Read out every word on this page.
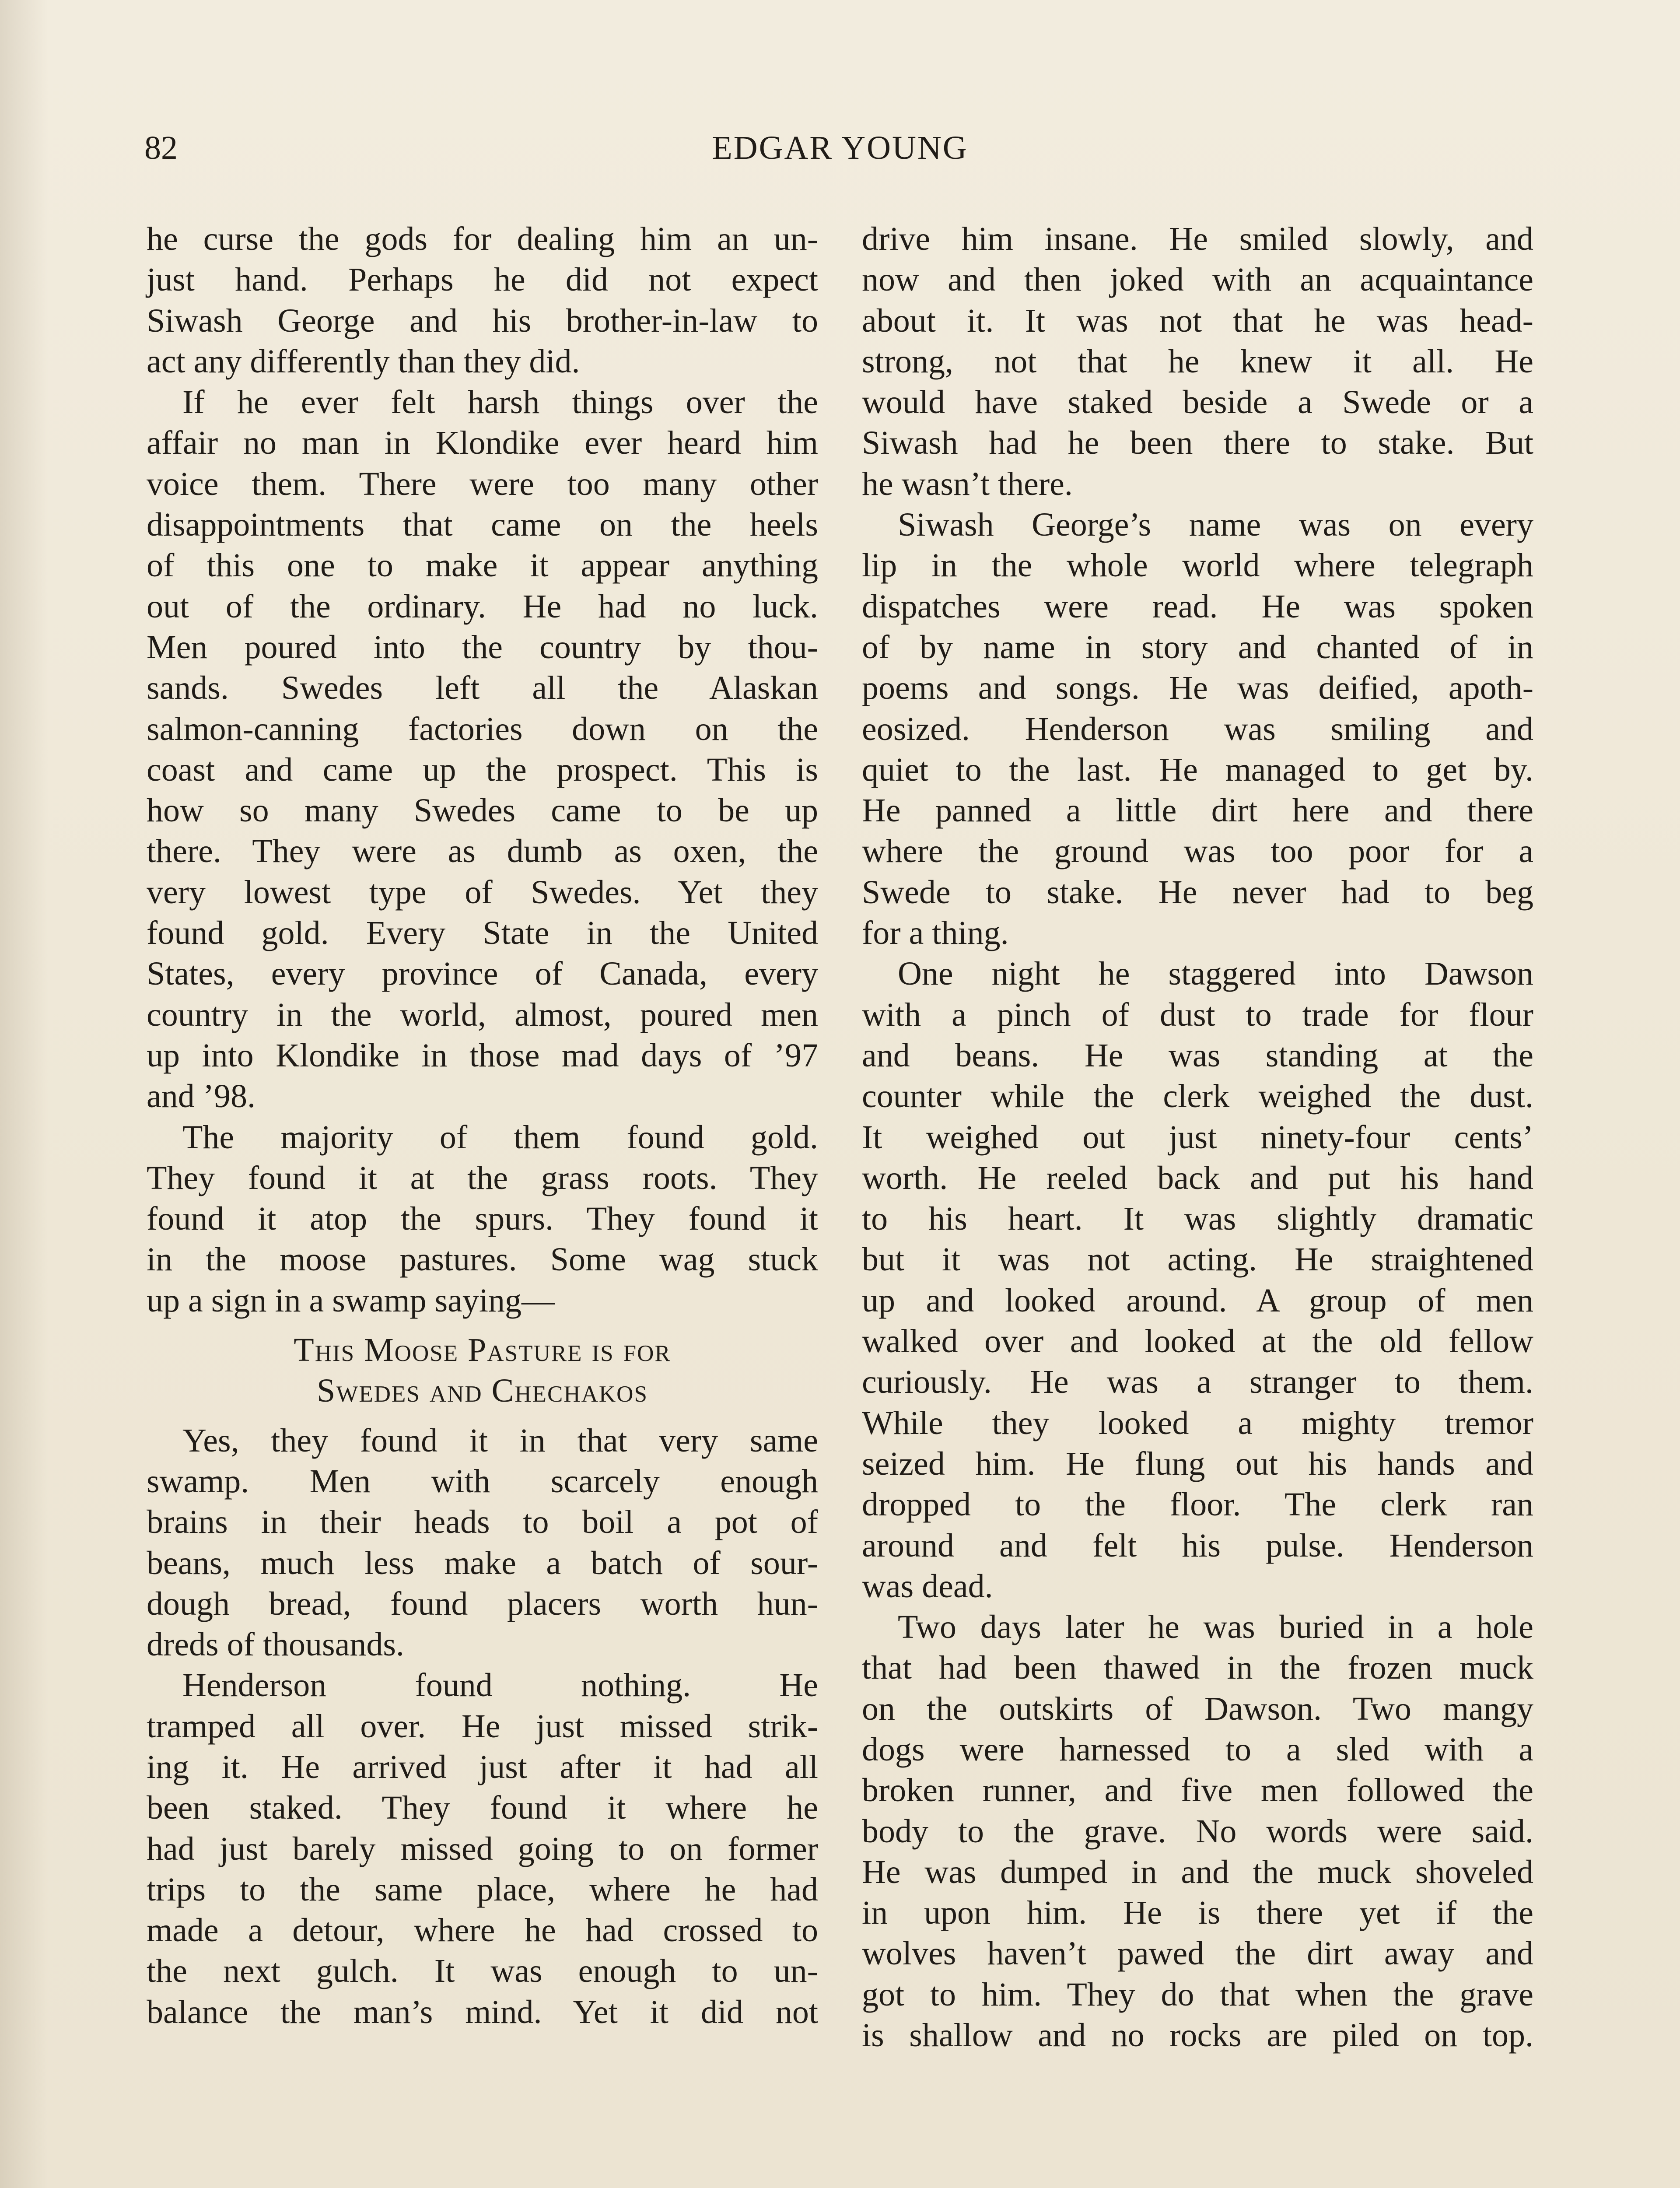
82	EDGAR YOUNG
he curse the gods for dealing him an un-
just hand. Perhaps he did not expect
Siwash George and his brother-in-law to
act any differently than they did.
If he ever felt harsh things over the
affair no man in Klondike ever heard him
voice them. There were too many other
disappointments that came on the heels
of this one to make it appear anything
out of the ordinary. He had no luck.
Men poured into the country by thou-
sands. Swedes left all the Alaskan
salmon-canning factories down on the
coast and came up the prospect. This is
how so many Swedes came to be up
there. They were as dumb as oxen, the
very lowest type of Swedes. Yet they
found gold. Every State in the United
States, every province of Canada, every
country in the world, almost, poured men
up into Klondike in those mad days of ’97
and ’98.
The majority of them found gold.
They found it at the grass roots. They
found it atop the spurs. They found it
in the moose pastures. Some wag stuck
up a sign in a swamp saying—
This Moose Pasture is for
Swedes and Chechakos
Yes, they found it in that very same
swamp. Men with scarcely enough
brains in their heads to boil a pot of
beans, much less make a batch of sour-
dough bread, found placers worth hun-
dreds of thousands.
Henderson found nothing. He
tramped all over. He just missed strik-
ing it. He arrived just after it had all
been staked. They found it where he
had just barely missed going to on former
trips to the same place, where he had
made a detour, where he had crossed to
the next gulch. It was enough to un-
balance the man’s mind. Yet it did not
drive him insane. He smiled slowly, and
now and then joked with an acquaintance
about it. It was not that he was head-
strong, not that he knew it all. He
would have staked beside a Swede or a
Siwash had he been there to stake. But
he wasn’t there.
Siwash George’s name was on every
lip in the whole world where telegraph
dispatches were read. He was spoken
of by name in story and chanted of in
poems and songs. He was deified, apoth-
eosized. Henderson was smiling and
quiet to the last. He managed to get by.
He panned a little dirt here and there
where the ground was too poor for a
Swede to stake. He never had to beg
for a thing.
One night he staggered into Dawson
with a pinch of dust to trade for flour
and beans. He was standing at the
counter while the clerk weighed the dust.
It weighed out just ninety-four cents’
worth. He reeled back and put his hand
to his heart. It was slightly dramatic
but it was not acting. He straightened
up and looked around. A group of men
walked over and looked at the old fellow
curiously. He was a stranger to them.
While they looked a mighty tremor
seized him. He flung out his hands and
dropped to the floor. The clerk ran
around and felt his pulse. Henderson
was dead.
Two days later he was buried in a hole
that had been thawed in the frozen muck
on the outskirts of Dawson. Two mangy
dogs were harnessed to a sled with a
broken runner, and five men followed the
body to the grave. No words were said.
He was dumped in and the muck shoveled
in upon him. He is there yet if the
wolves haven’t pawed the dirt away and
got to him. They do that when the grave
is shallow and no rocks are piled on top.
